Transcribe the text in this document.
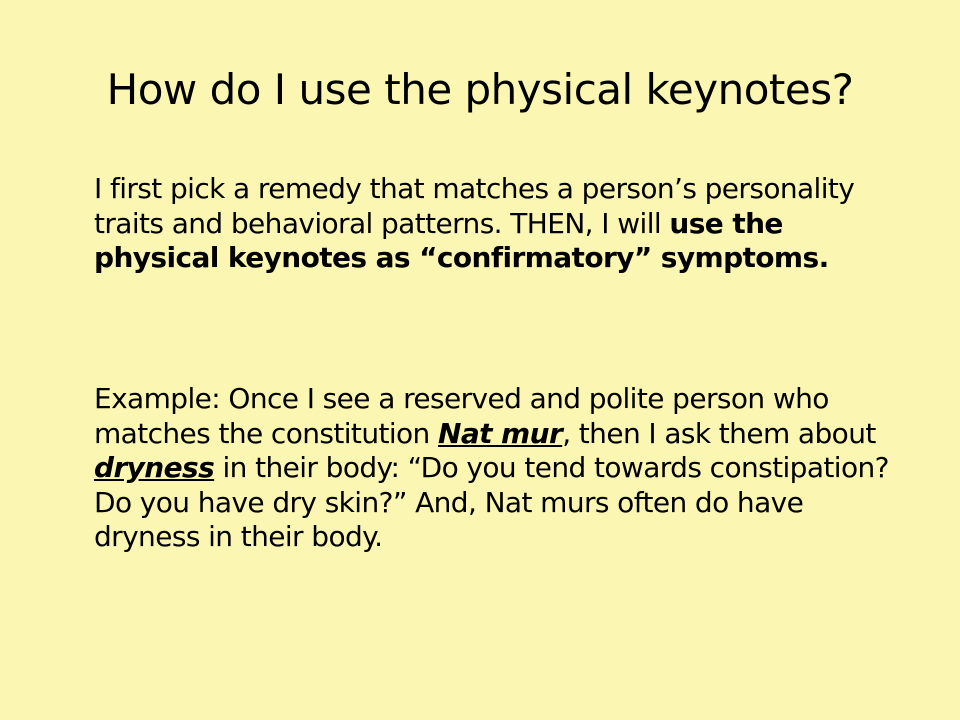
How do I use the physical keynotes?
I first pick a remedy that matches a person’s personality traits and behavioral patterns. THEN, I will use the physical keynotes as “confirmatory” symptoms.
Example: Once I see a reserved and polite person who matches the constitution Nat mur, then I ask them about dryness in their body: “Do you tend towards constipation? Do you have dry skin?” And, Nat murs often do have dryness in their body.
